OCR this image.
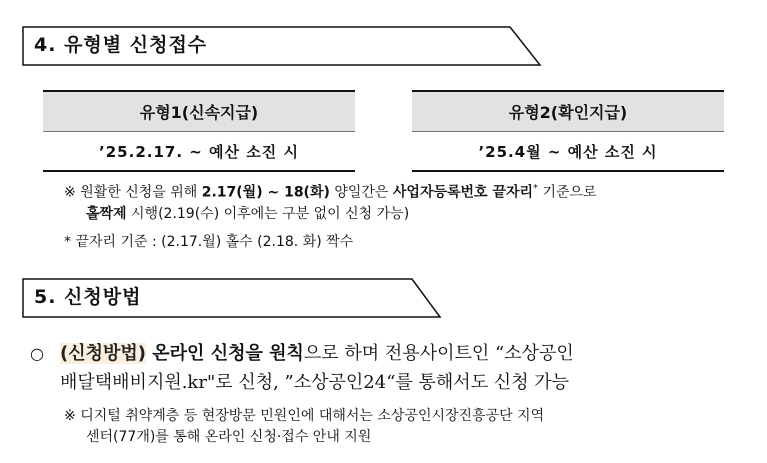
4. 유형별 신청접수
유형1(신속지급)
’25.2.17. ~ 예산 소진 시
유형2(확인지급)
’25.4월 ~ 예산 소진 시
※ 원활한 신청을 위해 2.17(월) ~ 18(화) 양일간은 사업자등록번호 끝자리* 기준으로
홀짝제 시행(2.19(수) 이후에는 구분 없이 신청 가능)
* 끝자리 기준 : (2.17.월) 홀수 (2.18. 화) 짝수
5. 신청방법
○ (신청방법) 온라인 신청을 원칙으로 하며 전용사이트인 “소상공인
배달택배비지원.kr"로 신청, ”소상공인24“를 통해서도 신청 가능
※ 디지털 취약계층 등 현장방문 민원인에 대해서는 소상공인시장진흥공단 지역
센터(77개)를 통해 온라인 신청·접수 안내 지원
